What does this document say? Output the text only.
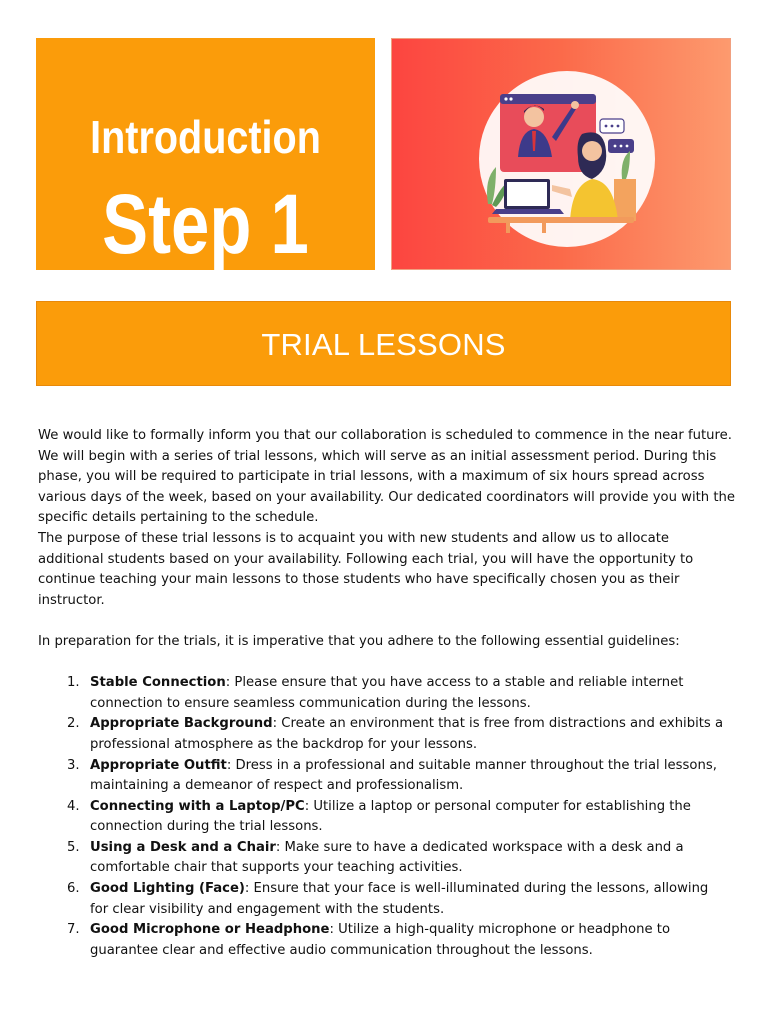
Introduction
Step 1
TRIAL LESSONS

We would like to formally inform you that our collaboration is scheduled to commence in the near future. We will begin with a series of trial lessons, which will serve as an initial assessment period. During this phase, you will be required to participate in trial lessons, with a maximum of six hours spread across various days of the week, based on your availability. Our dedicated coordinators will provide you with the specific details pertaining to the schedule.

The purpose of these trial lessons is to acquaint you with new students and allow us to allocate additional students based on your availability. Following each trial, you will have the opportunity to continue teaching your main lessons to those students who have specifically chosen you as their instructor.

In preparation for the trials, it is imperative that you adhere to the following essential guidelines:

1. Stable Connection: Please ensure that you have access to a stable and reliable internet connection to ensure seamless communication during the lessons.
2. Appropriate Background: Create an environment that is free from distractions and exhibits a professional atmosphere as the backdrop for your lessons.
3. Appropriate Outfit: Dress in a professional and suitable manner throughout the trial lessons, maintaining a demeanor of respect and professionalism.
4. Connecting with a Laptop/PC: Utilize a laptop or personal computer for establishing the connection during the trial lessons.
5. Using a Desk and a Chair: Make sure to have a dedicated workspace with a desk and a comfortable chair that supports your teaching activities.
6. Good Lighting (Face): Ensure that your face is well-illuminated during the lessons, allowing for clear visibility and engagement with the students.
7. Good Microphone or Headphone: Utilize a high-quality microphone or headphone to guarantee clear and effective audio communication throughout the lessons.
